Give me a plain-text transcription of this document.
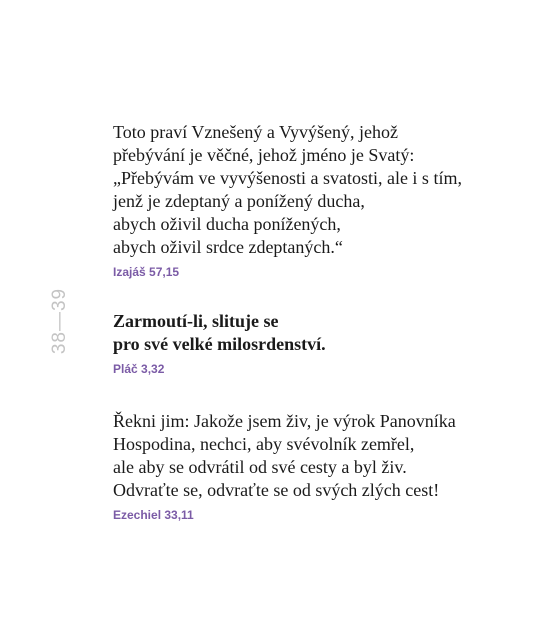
38—39

Toto praví Vznešený a Vyvýšený, jehož
přebývání je věčné, jehož jméno je Svatý:
„Přebývám ve vyvýšenosti a svatosti, ale i s tím,
jenž je zdeptaný a ponížený ducha,
abych oživil ducha ponížených,
abych oživil srdce zdeptaných.“

Izajáš 57,15

Zarmoutí-li, slituje se
pro své velké milosrdenství.

Pláč 3,32

Řekni jim: Jakože jsem živ, je výrok Panovníka
Hospodina, nechci, aby svévolník zemřel,
ale aby se odvrátil od své cesty a byl živ.
Odvraťte se, odvraťte se od svých zlých cest!

Ezechiel 33,11
